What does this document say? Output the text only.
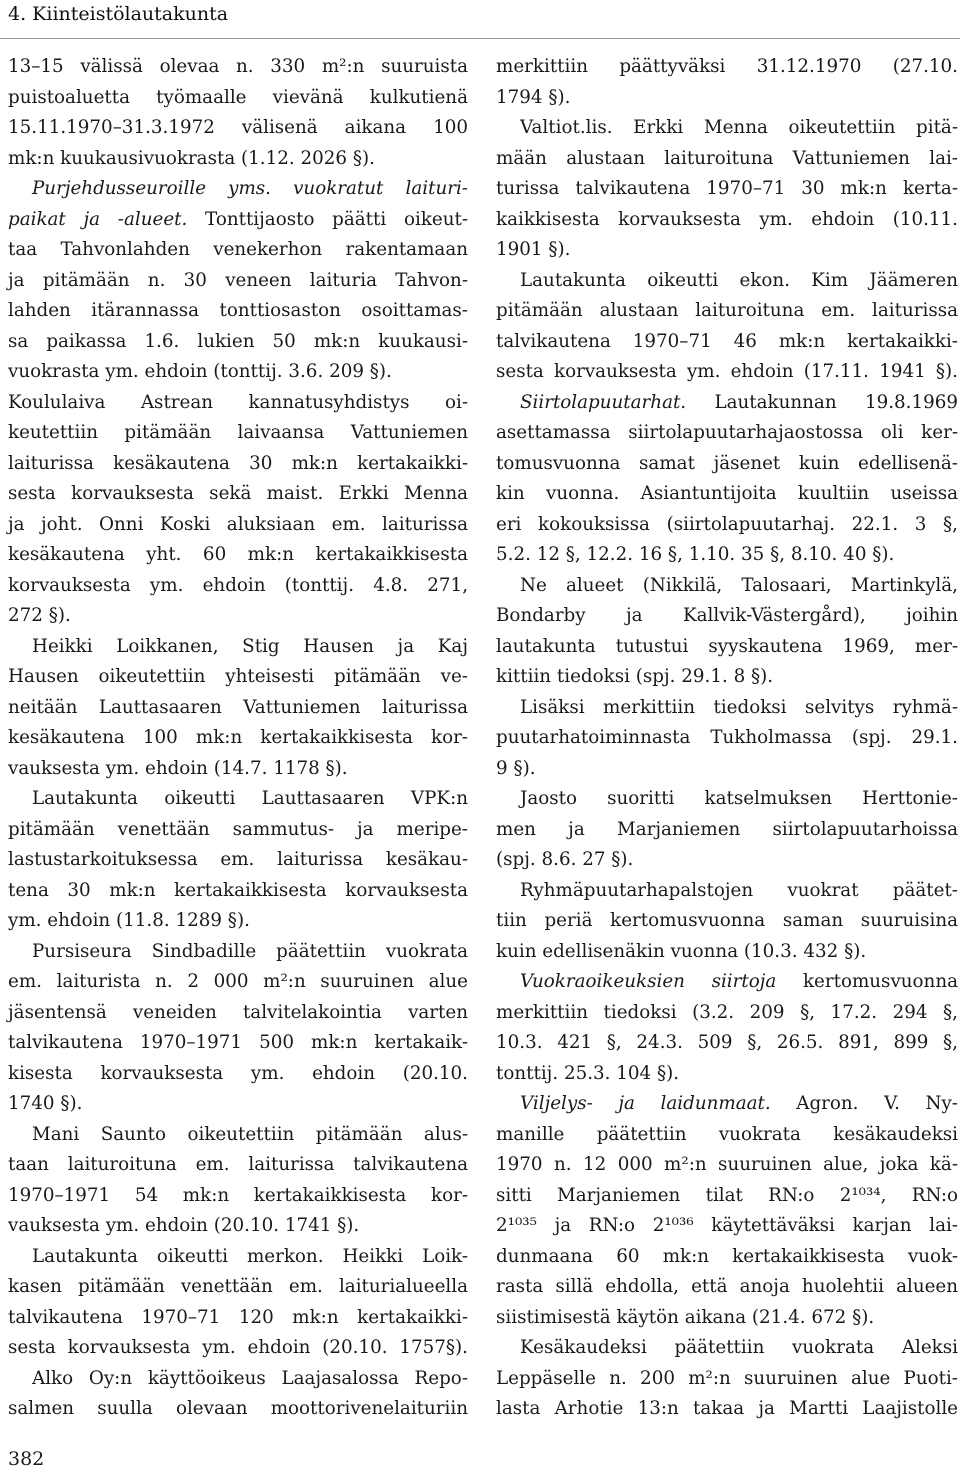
4. Kiinteistölautakunta
13–15 välissä olevaa n. 330 m²:n suuruista
puistoaluetta työmaalle vievänä kulkutienä
15.11.1970–31.3.1972 välisenä aikana 100
mk:n kuukausivuokrasta (1.12. 2026 §).
Purjehdusseuroille yms. vuokratut laituri-
paikat ja -alueet. Tonttijaosto päätti oikeut-
taa Tahvonlahden venekerhon rakentamaan
ja pitämään n. 30 veneen laituria Tahvon-
lahden itärannassa tonttiosaston osoittamas-
sa paikassa 1.6. lukien 50 mk:n kuukausi-
vuokrasta ym. ehdoin (tonttij. 3.6. 209 §).
Koululaiva Astrean kannatusyhdistys oi-
keutettiin pitämään laivaansa Vattuniemen
laiturissa kesäkautena 30 mk:n kertakaikki-
sesta korvauksesta sekä maist. Erkki Menna
ja joht. Onni Koski aluksiaan em. laiturissa
kesäkautena yht. 60 mk:n kertakaikkisesta
korvauksesta ym. ehdoin (tonttij. 4.8. 271,
272 §).
Heikki Loikkanen, Stig Hausen ja Kaj
Hausen oikeutettiin yhteisesti pitämään ve-
neitään Lauttasaaren Vattuniemen laiturissa
kesäkautena 100 mk:n kertakaikkisesta kor-
vauksesta ym. ehdoin (14.7. 1178 §).
Lautakunta oikeutti Lauttasaaren VPK:n
pitämään venettään sammutus- ja meripe-
lastustarkoituksessa em. laiturissa kesäkau-
tena 30 mk:n kertakaikkisesta korvauksesta
ym. ehdoin (11.8. 1289 §).
Pursiseura Sindbadille päätettiin vuokrata
em. laiturista n. 2 000 m²:n suuruinen alue
jäsentensä veneiden talvitelakointia varten
talvikautena 1970–1971 500 mk:n kertakaik-
kisesta korvauksesta ym. ehdoin (20.10.
1740 §).
Mani Saunto oikeutettiin pitämään alus-
taan laituroituna em. laiturissa talvikautena
1970–1971 54 mk:n kertakaikkisesta kor-
vauksesta ym. ehdoin (20.10. 1741 §).
Lautakunta oikeutti merkon. Heikki Loik-
kasen pitämään venettään em. laiturialueella
talvikautena 1970–71 120 mk:n kertakaikki-
sesta korvauksesta ym. ehdoin (20.10. 1757§).
Alko Oy:n käyttöoikeus Laajasalossa Repo-
salmen suulla olevaan moottorivenelaituriin
merkittiin päättyväksi 31.12.1970 (27.10.
1794 §).
Valtiot.lis. Erkki Menna oikeutettiin pitä-
mään alustaan laituroituna Vattuniemen lai-
turissa talvikautena 1970–71 30 mk:n kerta-
kaikkisesta korvauksesta ym. ehdoin (10.11.
1901 §).
Lautakunta oikeutti ekon. Kim Jäämeren
pitämään alustaan laituroituna em. laiturissa
talvikautena 1970–71 46 mk:n kertakaikki-
sesta korvauksesta ym. ehdoin (17.11. 1941 §).
Siirtolapuutarhat. Lautakunnan 19.8.1969
asettamassa siirtolapuutarhajaostossa oli ker-
tomusvuonna samat jäsenet kuin edellisenä-
kin vuonna. Asiantuntijoita kuultiin useissa
eri kokouksissa (siirtolapuutarhaj. 22.1. 3 §,
5.2. 12 §, 12.2. 16 §, 1.10. 35 §, 8.10. 40 §).
Ne alueet (Nikkilä, Talosaari, Martinkylä,
Bondarby ja Kallvik-Västergård), joihin
lautakunta tutustui syyskautena 1969, mer-
kittiin tiedoksi (spj. 29.1. 8 §).
Lisäksi merkittiin tiedoksi selvitys ryhmä-
puutarhatoiminnasta Tukholmassa (spj. 29.1.
9 §).
Jaosto suoritti katselmuksen Herttonie-
men ja Marjaniemen siirtolapuutarhoissa
(spj. 8.6. 27 §).
Ryhmäpuutarhapalstojen vuokrat päätet-
tiin periä kertomusvuonna saman suuruisina
kuin edellisenäkin vuonna (10.3. 432 §).
Vuokraoikeuksien siirtoja kertomusvuonna
merkittiin tiedoksi (3.2. 209 §, 17.2. 294 §,
10.3. 421 §, 24.3. 509 §, 26.5. 891, 899 §,
tonttij. 25.3. 104 §).
Viljelys- ja laidunmaat. Agron. V. Ny-
manille päätettiin vuokrata kesäkaudeksi
1970 n. 12 000 m²:n suuruinen alue, joka kä-
sitti Marjaniemen tilat RN:o 2¹⁰³⁴, RN:o
2¹⁰³⁵ ja RN:o 2¹⁰³⁶ käytettäväksi karjan lai-
dunmaana 60 mk:n kertakaikkisesta vuok-
rasta sillä ehdolla, että anoja huolehtii alueen
siistimisestä käytön aikana (21.4. 672 §).
Kesäkaudeksi päätettiin vuokrata Aleksi
Leppäselle n. 200 m²:n suuruinen alue Puoti-
lasta Arhotie 13:n takaa ja Martti Laajistolle
382
